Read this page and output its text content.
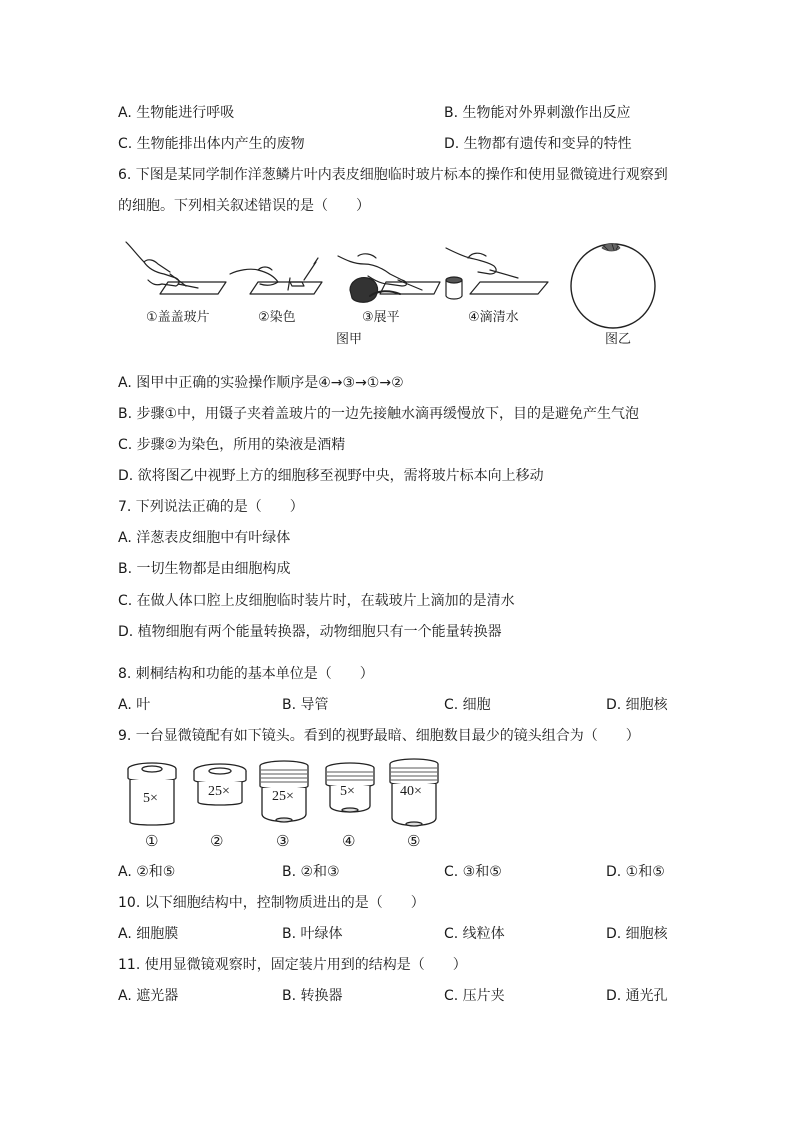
A. 生物能进行呼吸	B. 生物能对外界刺激作出反应
C. 生物能排出体内产生的废物	D. 生物都有遗传和变异的特性
6. 下图是某同学制作洋葱鳞片叶内表皮细胞临时玻片标本的操作和使用显微镜进行观察到
的细胞。下列相关叙述错误的是（　　）
①盖盖玻片	②染色	③展平	④滴清水
图甲	图乙
A. 图甲中正确的实验操作顺序是④→③→①→②
B. 步骤①中，用镊子夹着盖玻片的一边先接触水滴再缓慢放下，目的是避免产生气泡
C. 步骤②为染色，所用的染液是酒精
D. 欲将图乙中视野上方的细胞移至视野中央，需将玻片标本向上移动
7. 下列说法正确的是（　　）
A. 洋葱表皮细胞中有叶绿体
B. 一切生物都是由细胞构成
C. 在做人体口腔上皮细胞临时装片时，在载玻片上滴加的是清水
D. 植物细胞有两个能量转换器，动物细胞只有一个能量转换器
8. 刺桐结构和功能的基本单位是（　　）
A. 叶	B. 导管	C. 细胞	D. 细胞核
9. 一台显微镜配有如下镜头。看到的视野最暗、细胞数目最少的镜头组合为（　　）
5×	25×	25×	5×	40×
①	②	③	④	⑤
A. ②和⑤	B. ②和③	C. ③和⑤	D. ①和⑤
10. 以下细胞结构中，控制物质进出的是（　　）
A. 细胞膜	B. 叶绿体	C. 线粒体	D. 细胞核
11. 使用显微镜观察时，固定装片用到的结构是（　　）
A. 遮光器	B. 转换器	C. 压片夹	D. 通光孔
